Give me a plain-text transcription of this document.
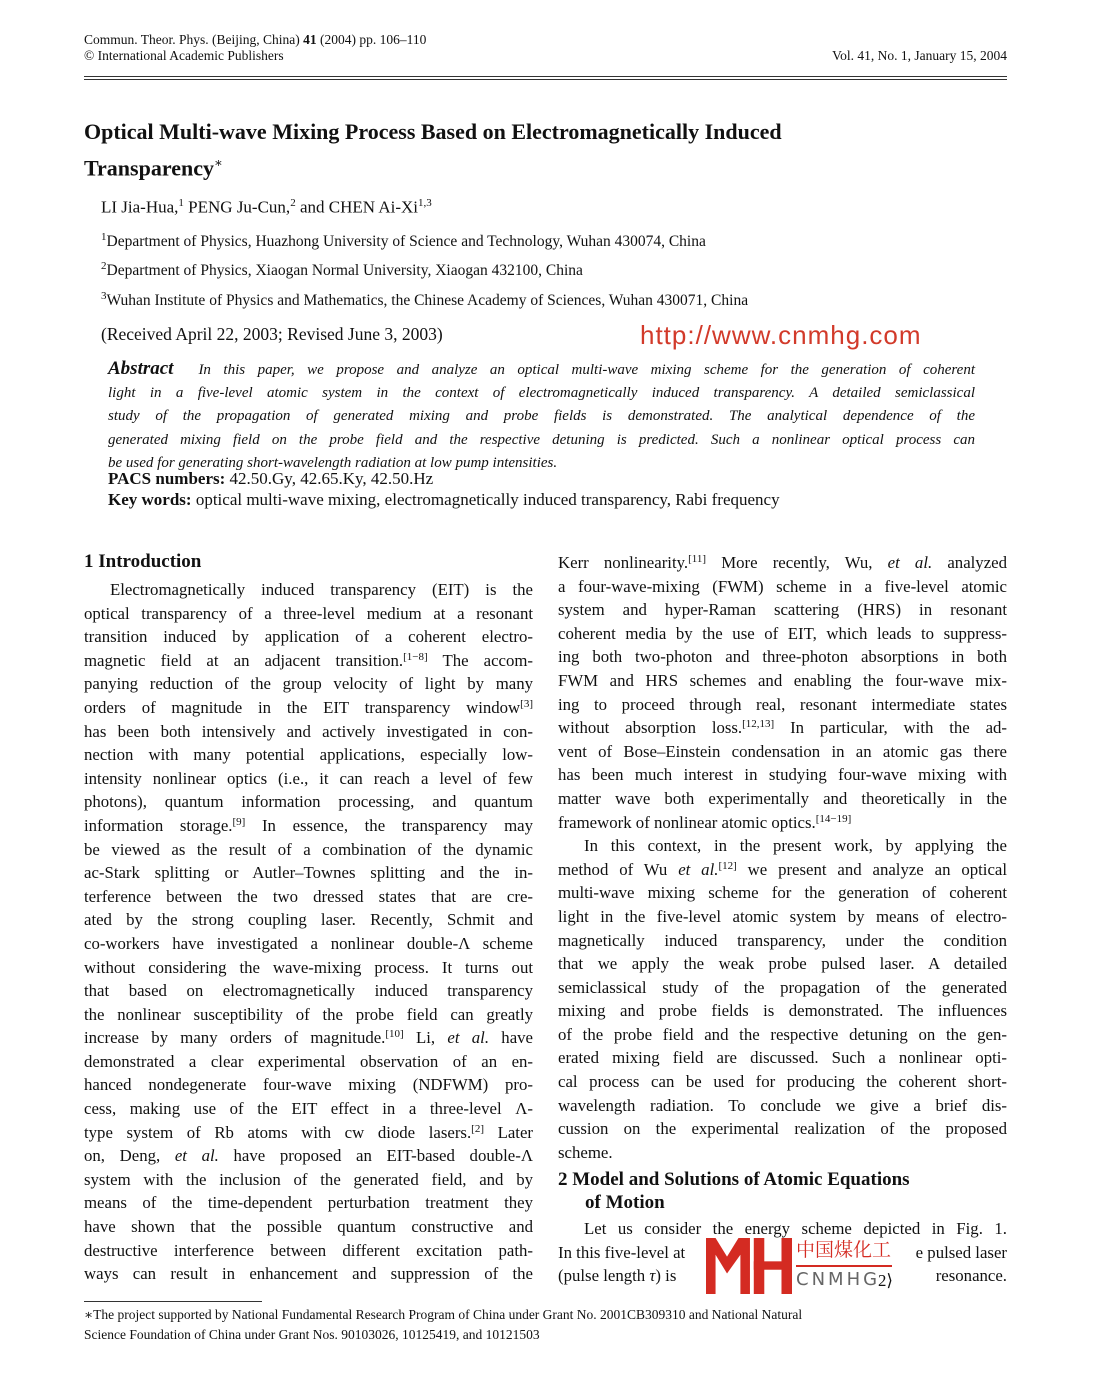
Commun. Theor. Phys. (Beijing, China) 41 (2004) pp. 106–110
© International Academic Publishers	Vol. 41, No. 1, January 15, 2004
Optical Multi-wave Mixing Process Based on Electromagnetically Induced
Transparency∗
LI Jia-Hua,$^1$ PENG Ju-Cun,$^2$ and CHEN Ai-Xi$^{1,3}$
$^1$Department of Physics, Huazhong University of Science and Technology, Wuhan 430074, China
$^2$Department of Physics, Xiaogan Normal University, Xiaogan 432100, China
$^3$Wuhan Institute of Physics and Mathematics, the Chinese Academy of Sciences, Wuhan 430071, China
(Received April 22, 2003; Revised June 3, 2003)	http://www.cnmhg.com
Abstract In this paper, we propose and analyze an optical multi-wave mixing scheme for the generation of coherent
light in a five-level atomic system in the context of electromagnetically induced transparency. A detailed semiclassical
study of the propagation of generated mixing and probe fields is demonstrated. The analytical dependence of the
generated mixing field on the probe field and the respective detuning is predicted. Such a nonlinear optical process can
be used for generating short-wavelength radiation at low pump intensities.
PACS numbers: 42.50.Gy, 42.65.Ky, 42.50.Hz
Key words: optical multi-wave mixing, electromagnetically induced transparency, Rabi frequency
1 Introduction
Electromagnetically induced transparency (EIT) is the
optical transparency of a three-level medium at a resonant
transition induced by application of a coherent electro-
magnetic field at an adjacent transition.[1−8] The accom-
panying reduction of the group velocity of light by many
orders of magnitude in the EIT transparency window[3]
has been both intensively and actively investigated in con-
nection with many potential applications, especially low-
intensity nonlinear optics (i.e., it can reach a level of few
photons), quantum information processing, and quantum
information storage.[9] In essence, the transparency may
be viewed as the result of a combination of the dynamic
ac-Stark splitting or Autler–Townes splitting and the in-
terference between the two dressed states that are cre-
ated by the strong coupling laser. Recently, Schmit and
co-workers have investigated a nonlinear double-Λ scheme
without considering the wave-mixing process. It turns out
that based on electromagnetically induced transparency
the nonlinear susceptibility of the probe field can greatly
increase by many orders of magnitude.[10] Li, et al. have
demonstrated a clear experimental observation of an en-
hanced nondegenerate four-wave mixing (NDFWM) pro-
cess, making use of the EIT effect in a three-level Λ-
type system of Rb atoms with cw diode lasers.[2] Later
on, Deng, et al. have proposed an EIT-based double-Λ
system with the inclusion of the generated field, and by
means of the time-dependent perturbation treatment they
have shown that the possible quantum constructive and
destructive interference between different excitation path-
ways can result in enhancement and suppression of the
Kerr nonlinearity.[11] More recently, Wu, et al. analyzed
a four-wave-mixing (FWM) scheme in a five-level atomic
system and hyper-Raman scattering (HRS) in resonant
coherent media by the use of EIT, which leads to suppress-
ing both two-photon and three-photon absorptions in both
FWM and HRS schemes and enabling the four-wave mix-
ing to proceed through real, resonant intermediate states
without absorption loss.[12,13] In particular, with the ad-
vent of Bose–Einstein condensation in an atomic gas there
has been much interest in studying four-wave mixing with
matter wave both experimentally and theoretically in the
framework of nonlinear atomic optics.[14−19]
In this context, in the present work, by applying the
method of Wu et al.[12] we present and analyze an optical
multi-wave mixing scheme for the generation of coherent
light in the five-level atomic system by means of electro-
magnetically induced transparency, under the condition
that we apply the weak probe pulsed laser. A detailed
semiclassical study of the propagation of the generated
mixing and probe fields is demonstrated. The influences
of the probe field and the respective detuning on the gen-
erated mixing field are discussed. Such a nonlinear opti-
cal process can be used for producing the coherent short-
wavelength radiation. To conclude we give a brief dis-
cussion on the experimental realization of the proposed
scheme.
2 Model and Solutions of Atomic Equations
of Motion
Let us consider the energy scheme depicted in Fig. 1.
In this five-level at	e pulsed laser
(pulse length τ) is	resonance.
中国煤化工
CNMHG
2⟩
∗The project supported by National Fundamental Research Program of China under Grant No. 2001CB309310 and National Natural
Science Foundation of China under Grant Nos. 90103026, 10125419, and 10121503
